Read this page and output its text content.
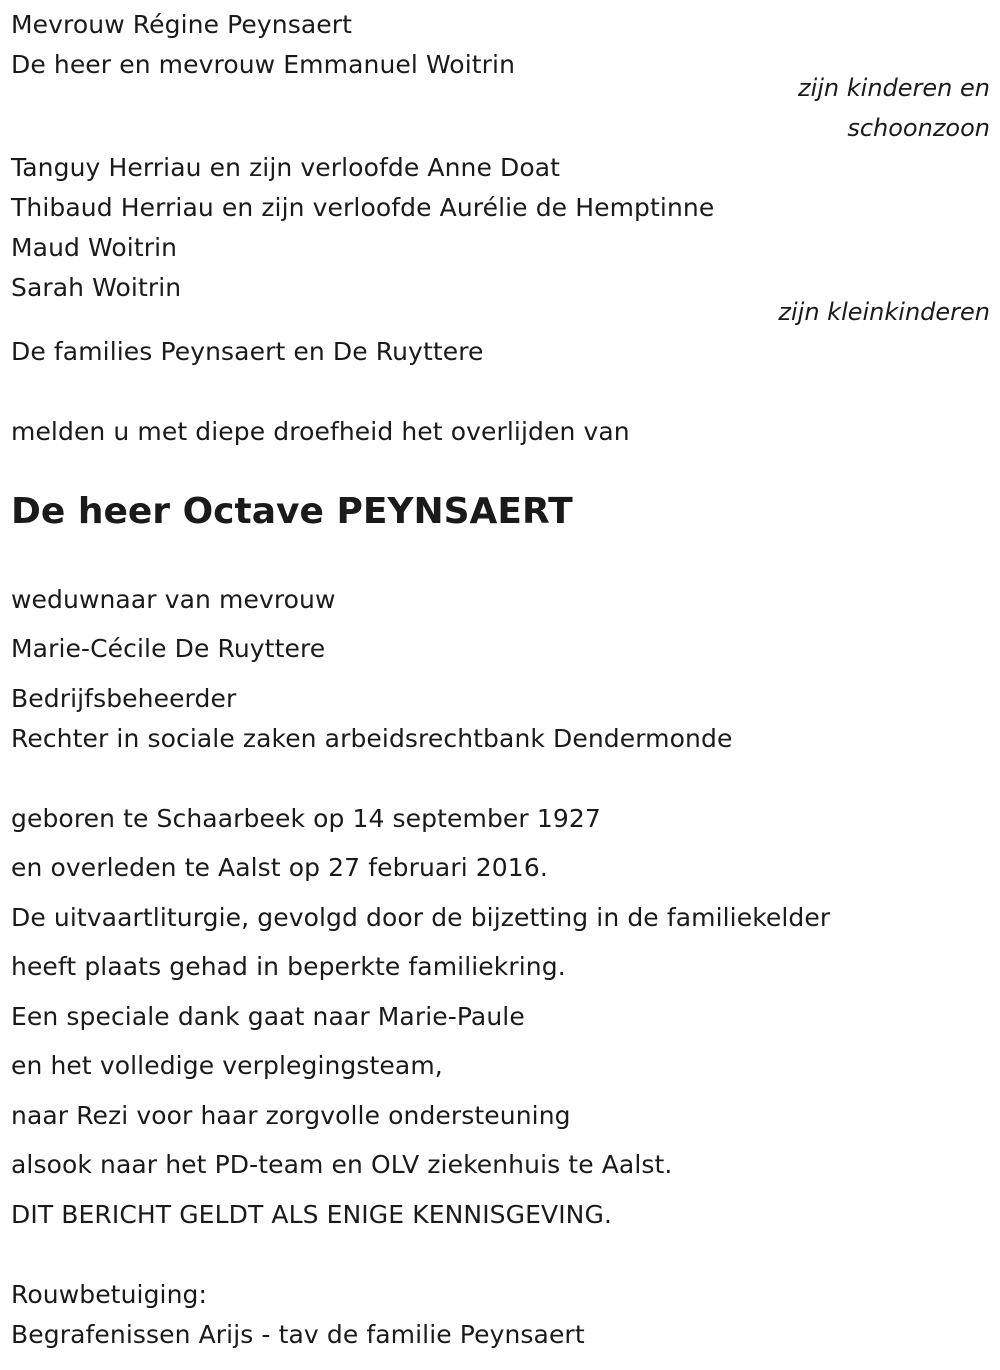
Mevrouw Régine Peynsaert
De heer en mevrouw Emmanuel Woitrin
zijn kinderen en
schoonzoon
Tanguy Herriau en zijn verloofde Anne Doat
Thibaud Herriau en zijn verloofde Aurélie de Hemptinne
Maud Woitrin
Sarah Woitrin
zijn kleinkinderen
De families Peynsaert en De Ruyttere
melden u met diepe droefheid het overlijden van
De heer Octave PEYNSAERT
weduwnaar van mevrouw
Marie-Cécile De Ruyttere
Bedrijfsbeheerder
Rechter in sociale zaken arbeidsrechtbank Dendermonde
geboren te Schaarbeek op 14 september 1927
en overleden te Aalst op 27 februari 2016.
De uitvaartliturgie, gevolgd door de bijzetting in de familiekelder
heeft plaats gehad in beperkte familiekring.
Een speciale dank gaat naar Marie-Paule
en het volledige verplegingsteam,
naar Rezi voor haar zorgvolle ondersteuning
alsook naar het PD-team en OLV ziekenhuis te Aalst.
DIT BERICHT GELDT ALS ENIGE KENNISGEVING.
Rouwbetuiging:
Begrafenissen Arijs - tav de familie Peynsaert
